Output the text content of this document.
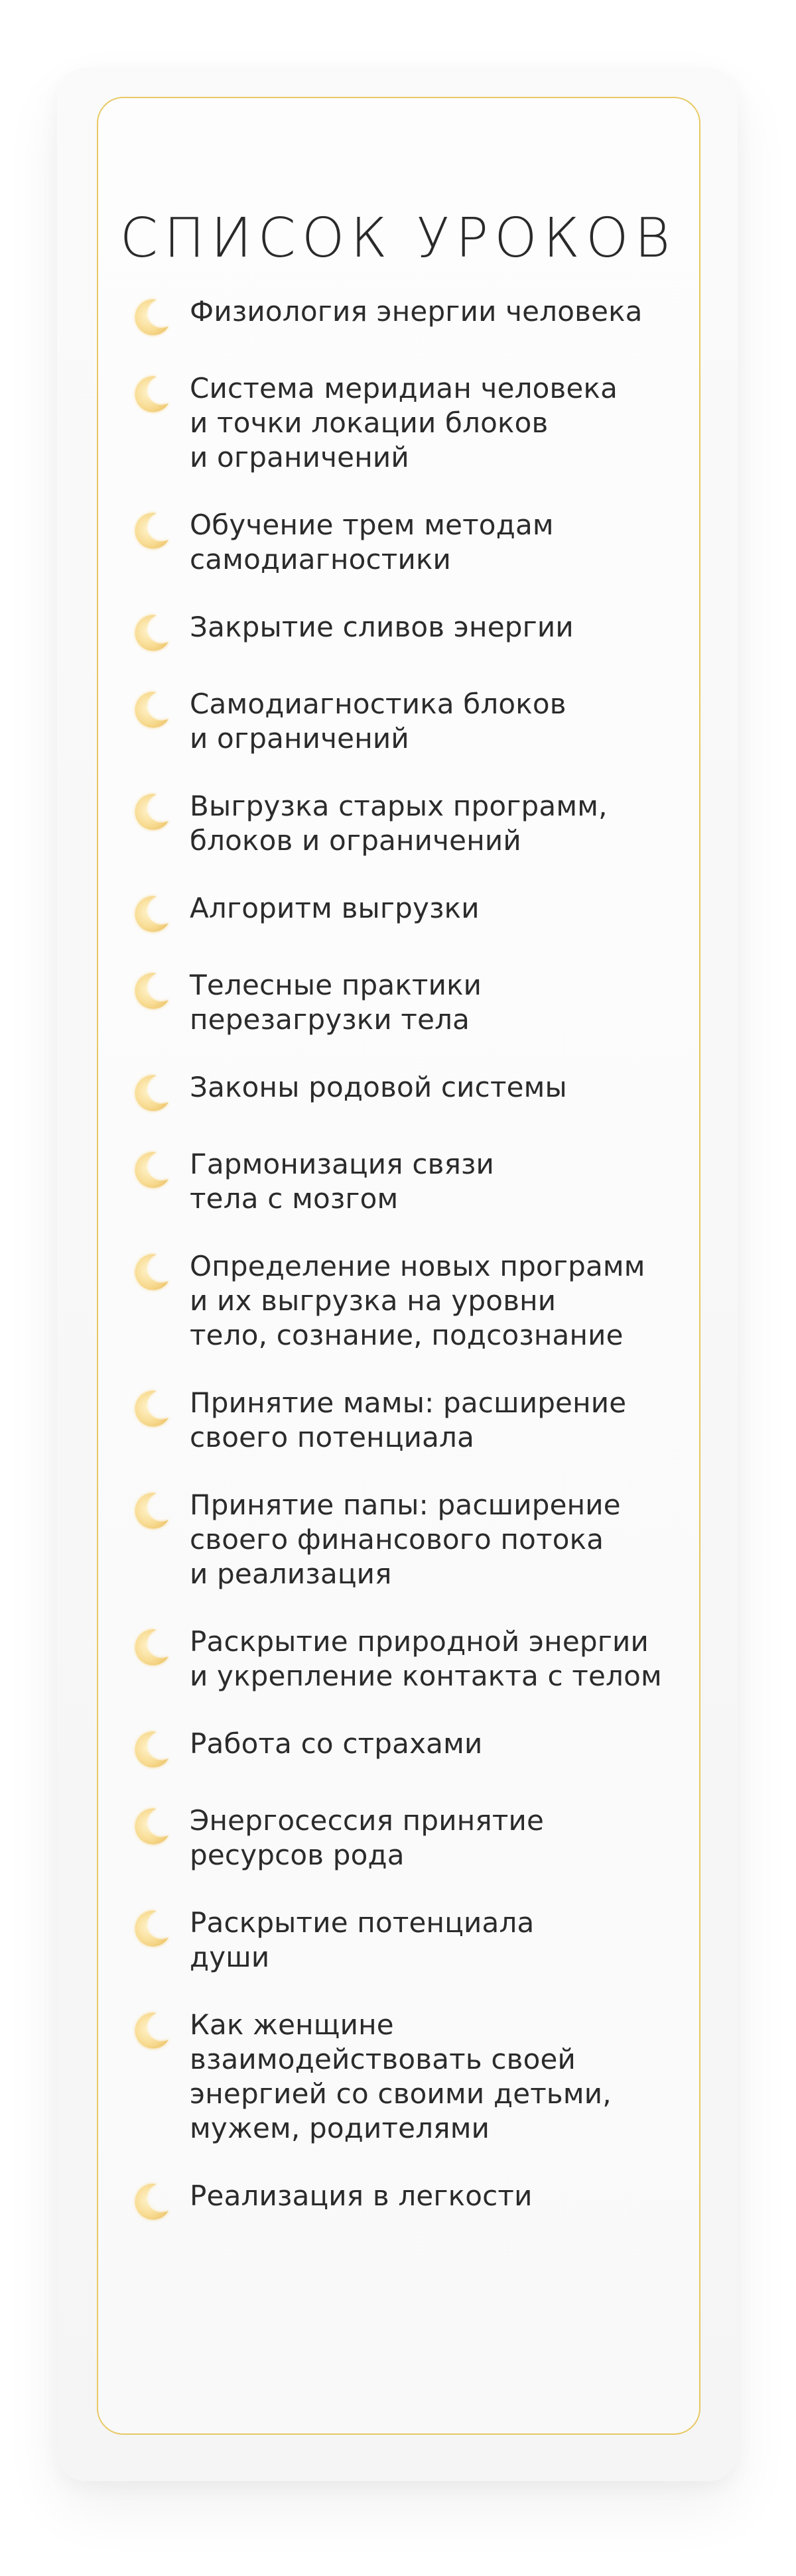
СПИСОК УРОКОВ
Физиология энергии человека
Система меридиан человека
и точки локации блоков
и ограничений
Обучение трем методам
самодиагностики
Закрытие сливов энергии
Самодиагностика блоков
и ограничений
Выгрузка старых программ,
блоков и ограничений
Алгоритм выгрузки
Телесные практики
перезагрузки тела
Законы родовой системы
Гармонизация связи
тела с мозгом
Определение новых программ
и их выгрузка на уровни
тело, сознание, подсознание
Принятие мамы: расширение
своего потенциала
Принятие папы: расширение
своего финансового потока
и реализация
Раскрытие природной энергии
и укрепление контакта с телом
Работа со страхами
Энергосессия принятие
ресурсов рода
Раскрытие потенциала
души
Как женщине
взаимодействовать своей
энергией со своими детьми,
мужем, родителями
Реализация в легкости
